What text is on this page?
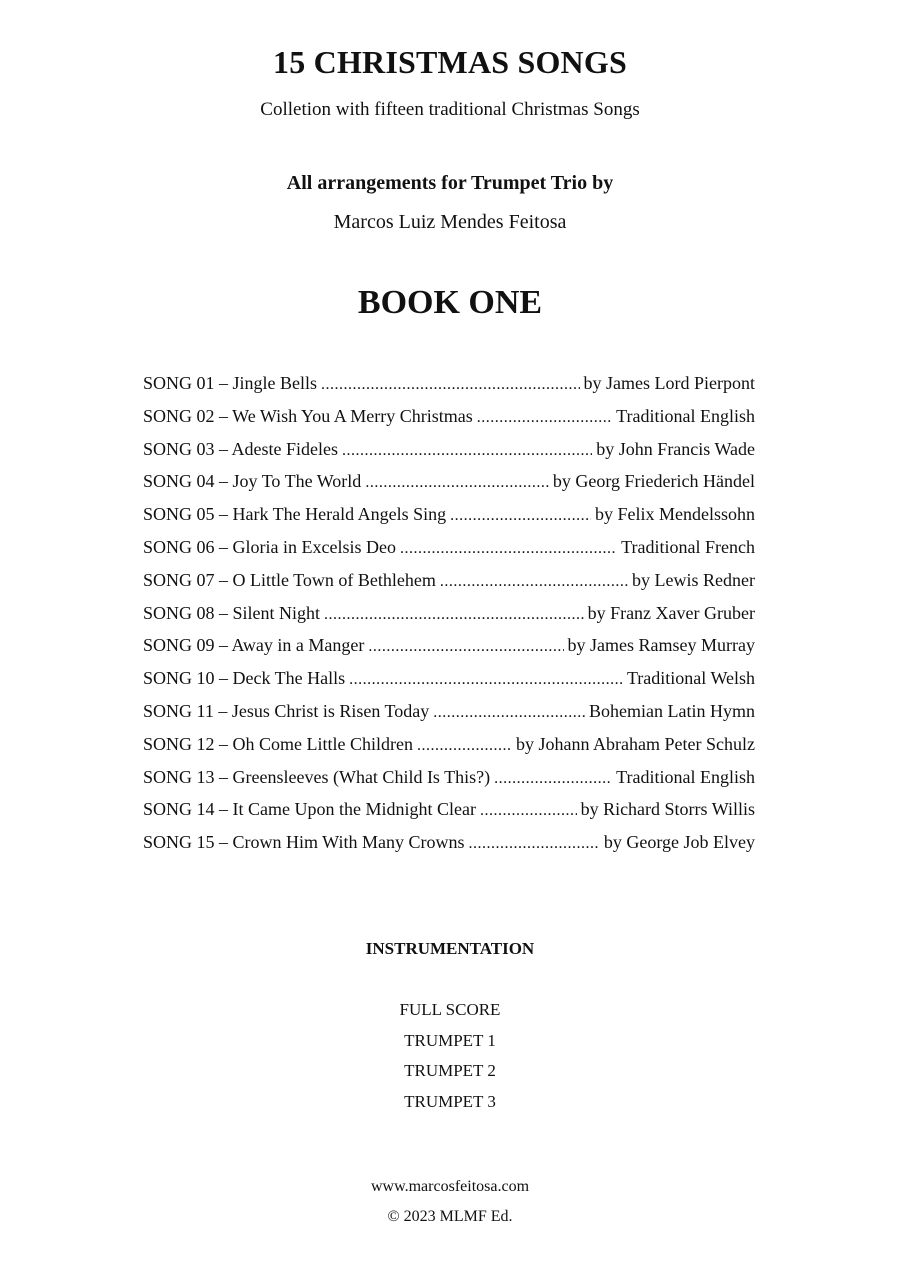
15 CHRISTMAS SONGS
Colletion with fifteen traditional Christmas Songs
All arrangements for Trumpet Trio by
Marcos Luiz Mendes Feitosa
BOOK ONE
SONG 01 – Jingle Bells .....	by James Lord Pierpont
SONG 02 – We Wish You A Merry Christmas .....	Traditional English
SONG 03 – Adeste Fideles .....	by John Francis Wade
SONG 04 – Joy To The World .....	by Georg Friederich Händel
SONG 05 – Hark The Herald Angels Sing .....	by Felix Mendelssohn
SONG 06 – Gloria in Excelsis Deo .....	Traditional French
SONG 07 – O Little Town of Bethlehem .....	by Lewis Redner
SONG 08 – Silent Night .....	by Franz Xaver Gruber
SONG 09 – Away in a Manger .....	by James Ramsey Murray
SONG 10 – Deck The Halls .....	Traditional Welsh
SONG 11 – Jesus Christ is Risen Today .....	Bohemian Latin Hymn
SONG 12 – Oh Come Little Children .....	by Johann Abraham Peter Schulz
SONG 13 – Greensleeves (What Child Is This?) .....	Traditional English
SONG 14 – It Came Upon the Midnight Clear .....	by Richard Storrs Willis
SONG 15 – Crown Him With Many Crowns .....	by George Job Elvey
INSTRUMENTATION
FULL SCORE
TRUMPET 1
TRUMPET 2
TRUMPET 3
www.marcosfeitosa.com
© 2023 MLMF Ed.
